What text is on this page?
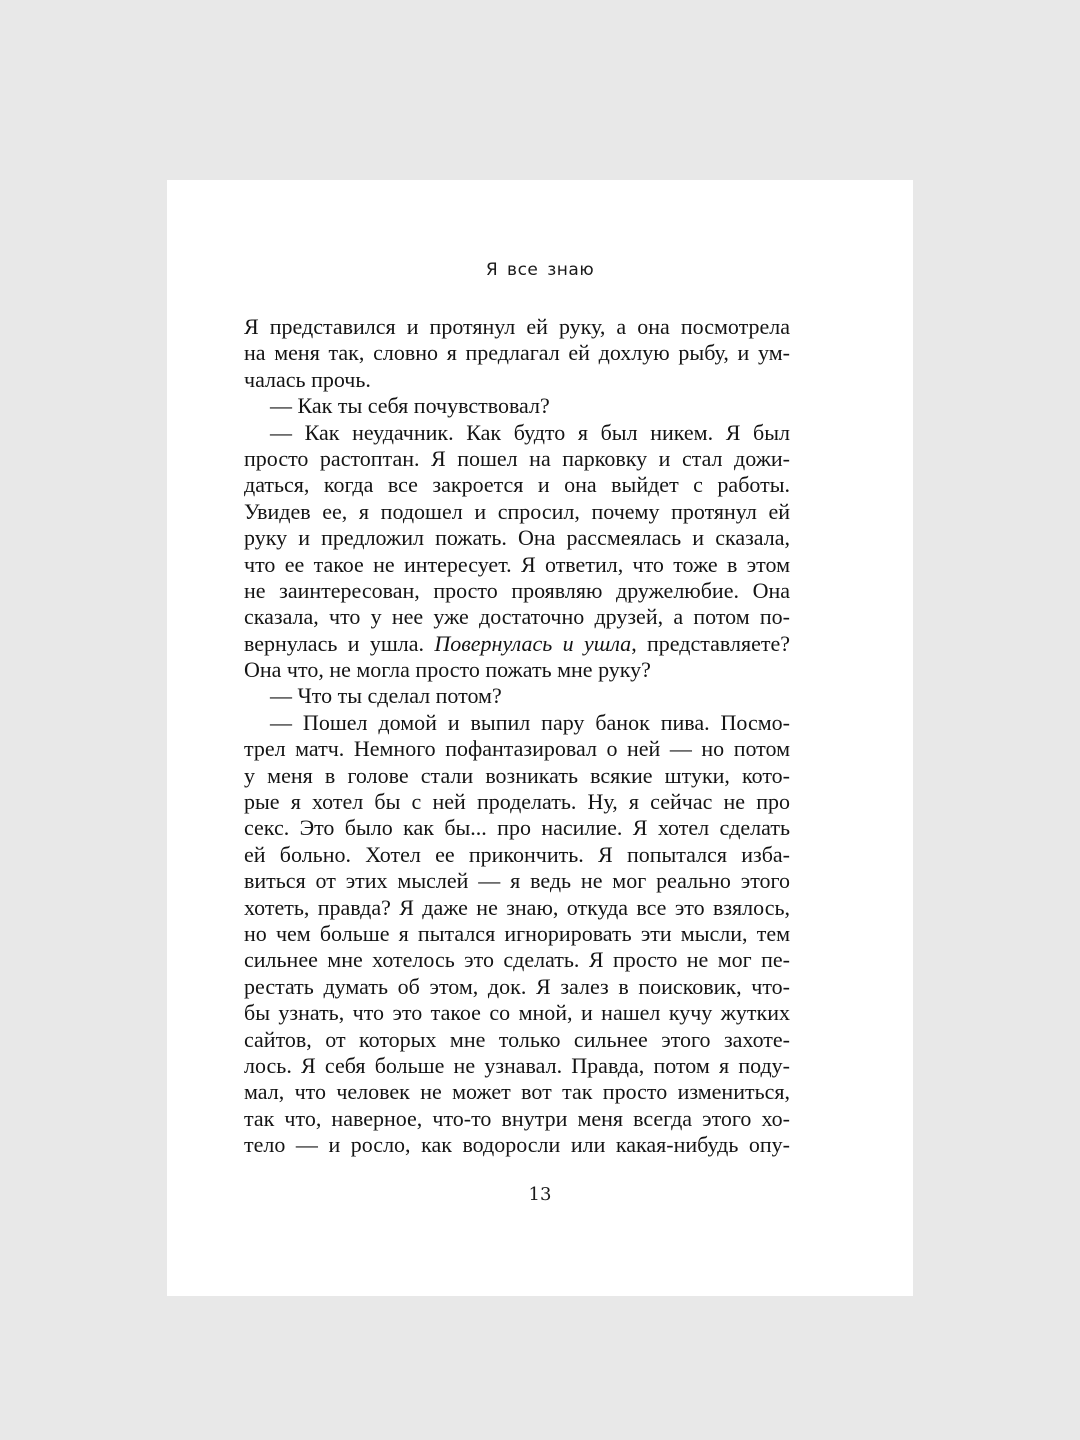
Я все знаю
Я представился и протянул ей руку, а она посмотрела
на меня так, словно я предлагал ей дохлую рыбу, и ум-
чалась прочь.
— Как ты себя почувствовал?
— Как неудачник. Как будто я был никем. Я был
просто растоптан. Я пошел на парковку и стал дожи-
даться, когда все закроется и она выйдет с работы.
Увидев ее, я подошел и спросил, почему протянул ей
руку и предложил пожать. Она рассмеялась и сказала,
что ее такое не интересует. Я ответил, что тоже в этом
не заинтересован, просто проявляю дружелюбие. Она
сказала, что у нее уже достаточно друзей, а потом по-
вернулась и ушла. Повернулась и ушла, представляете?
Она что, не могла просто пожать мне руку?
— Что ты сделал потом?
— Пошел домой и выпил пару банок пива. Посмо-
трел матч. Немного пофантазировал о ней — но потом
у меня в голове стали возникать всякие штуки, кото-
рые я хотел бы с ней проделать. Ну, я сейчас не про
секс. Это было как бы... про насилие. Я хотел сделать
ей больно. Хотел ее прикончить. Я попытался изба-
виться от этих мыслей — я ведь не мог реально этого
хотеть, правда? Я даже не знаю, откуда все это взялось,
но чем больше я пытался игнорировать эти мысли, тем
сильнее мне хотелось это сделать. Я просто не мог пе-
рестать думать об этом, док. Я залез в поисковик, что-
бы узнать, что это такое со мной, и нашел кучу жутких
сайтов, от которых мне только сильнее этого захоте-
лось. Я себя больше не узнавал. Правда, потом я поду-
мал, что человек не может вот так просто измениться,
так что, наверное, что-то внутри меня всегда этого хо-
тело — и росло, как водоросли или какая-нибудь опу-
13
